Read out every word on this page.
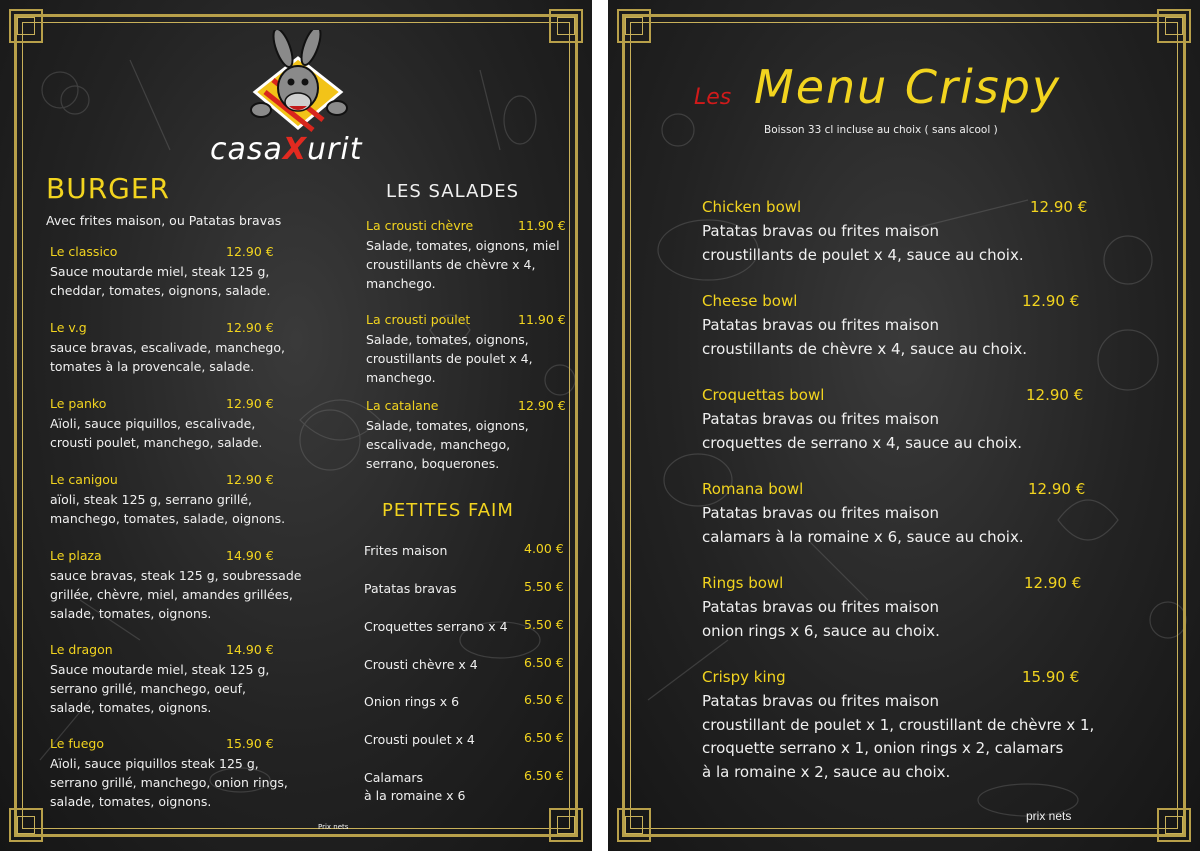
casaXurit
BURGER
Avec frites maison, ou Patatas bravas
Le classico	12.90 €
Sauce moutarde miel, steak 125 g,
cheddar, tomates, oignons, salade.
Le v.g	12.90 €
sauce bravas, escalivade, manchego,
tomates à la provencale, salade.
Le panko	12.90 €
Aïoli, sauce piquillos, escalivade,
crousti poulet, manchego, salade.
Le canigou	12.90 €
aïoli, steak 125 g, serrano grillé,
manchego, tomates, salade, oignons.
Le plaza	14.90 €
sauce bravas, steak 125 g, soubressade
grillée, chèvre, miel, amandes grillées,
salade, tomates, oignons.
Le dragon	14.90 €
Sauce moutarde miel, steak 125 g,
serrano grillé, manchego, oeuf,
salade, tomates, oignons.
Le fuego	15.90 €
Aïoli, sauce piquillos steak 125 g,
serrano grillé, manchego, onion rings,
salade, tomates, oignons.
LES SALADES
La crousti chèvre	11.90 €
Salade, tomates, oignons, miel
croustillants de chèvre x 4,
manchego.
La crousti poulet	11.90 €
Salade, tomates, oignons,
croustillants de poulet x 4,
manchego.
La catalane	12.90 €
Salade, tomates, oignons,
escalivade, manchego,
serrano, boquerones.
PETITES FAIM
Frites maison	4.00 €
Patatas bravas	5.50 €
Croquettes serrano x 4 5.50 €
Crousti chèvre x 4	6.50 €
Onion rings x 6	6.50 €
Crousti poulet x 4	6.50 €
Calamars	6.50 €
à la romaine x 6
Prix nets
Les Menu Crispy
Boisson 33 cl incluse au choix ( sans alcool )
Chicken bowl	12.90 €
Patatas bravas ou frites maison
croustillants de poulet x 4, sauce au choix.
Cheese bowl	12.90 €
Patatas bravas ou frites maison
croustillants de chèvre x 4, sauce au choix.
Croquettas bowl	12.90 €
Patatas bravas ou frites maison
croquettes de serrano x 4, sauce au choix.
Romana bowl	12.90 €
Patatas bravas ou frites maison
calamars à la romaine x 6, sauce au choix.
Rings bowl	12.90 €
Patatas bravas ou frites maison
onion rings x 6, sauce au choix.
Crispy king	15.90 €
Patatas bravas ou frites maison
croustillant de poulet x 1, croustillant de chèvre x 1,
croquette serrano x 1, onion rings x 2, calamars
à la romaine x 2, sauce au choix.
prix nets
